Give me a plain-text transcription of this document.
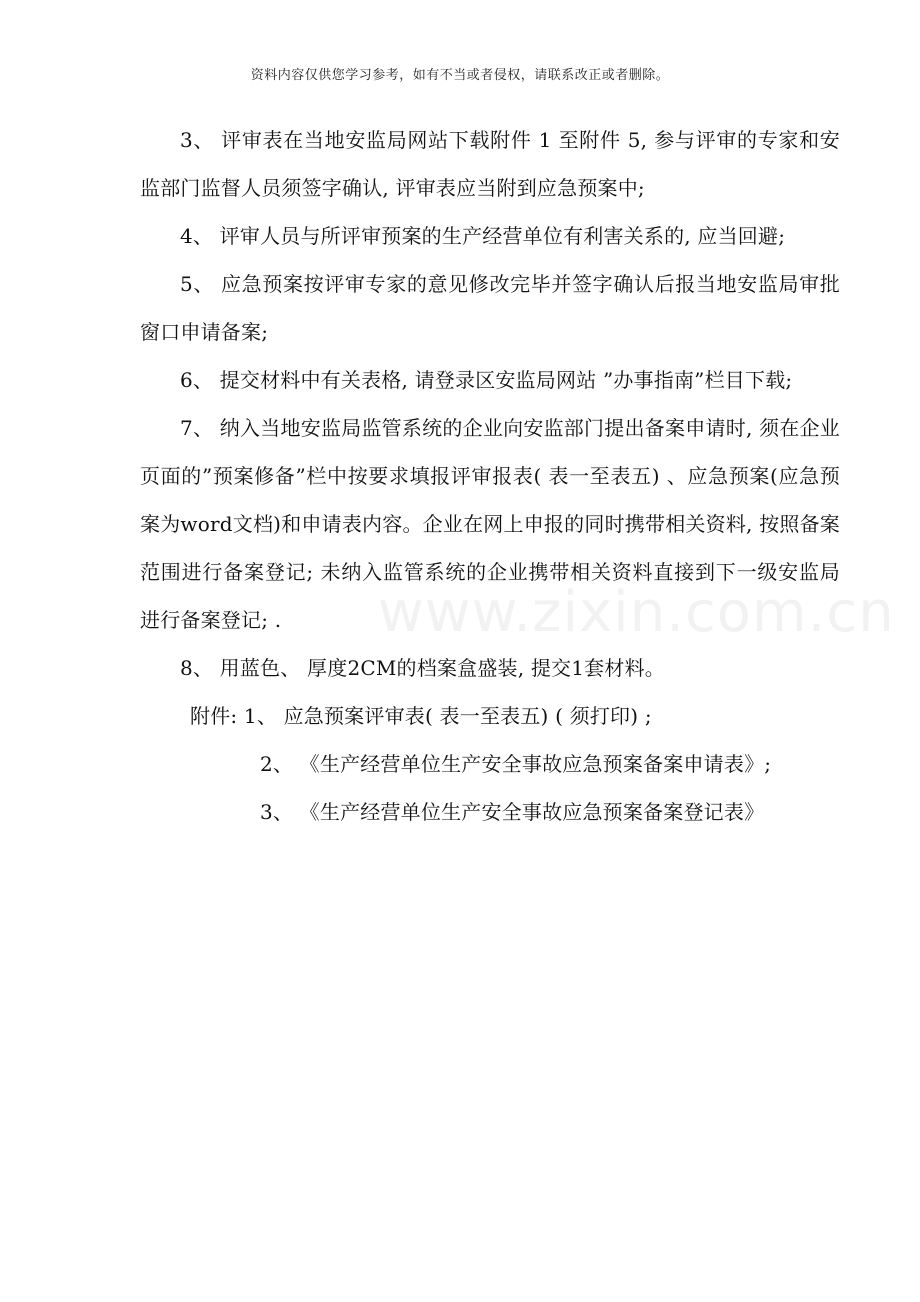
资料内容仅供您学习参考，如有不当或者侵权，请联系改正或者删除。
www.zixin.com.cn

3、 评审表在当地安监局网站下载附件 1 至附件 5, 参与评审的专家和安监部门监督人员须签字确认, 评审表应当附到应急预案中;

4、 评审人员与所评审预案的生产经营单位有利害关系的, 应当回避;

5、 应急预案按评审专家的意见修改完毕并签字确认后报当地安监局审批窗口申请备案;

6、 提交材料中有关表格, 请登录区安监局网站 ”办事指南”栏目下载;

7、 纳入当地安监局监管系统的企业向安监部门提出备案申请时, 须在企业页面的”预案修备”栏中按要求填报评审报表( 表一至表五) 、应急预案(应急预案为word文档)和申请表内容。企业在网上申报的同时携带相关资料, 按照备案范围进行备案登记; 未纳入监管系统的企业携带相关资料直接到下一级安监局进行备案登记; .

8、 用蓝色、 厚度2CM的档案盒盛装, 提交1套材料。

附件: 1、 应急预案评审表( 表一至表五) ( 须打印) ;

2、 《生产经营单位生产安全事故应急预案备案申请表》;

3、 《生产经营单位生产安全事故应急预案备案登记表》
